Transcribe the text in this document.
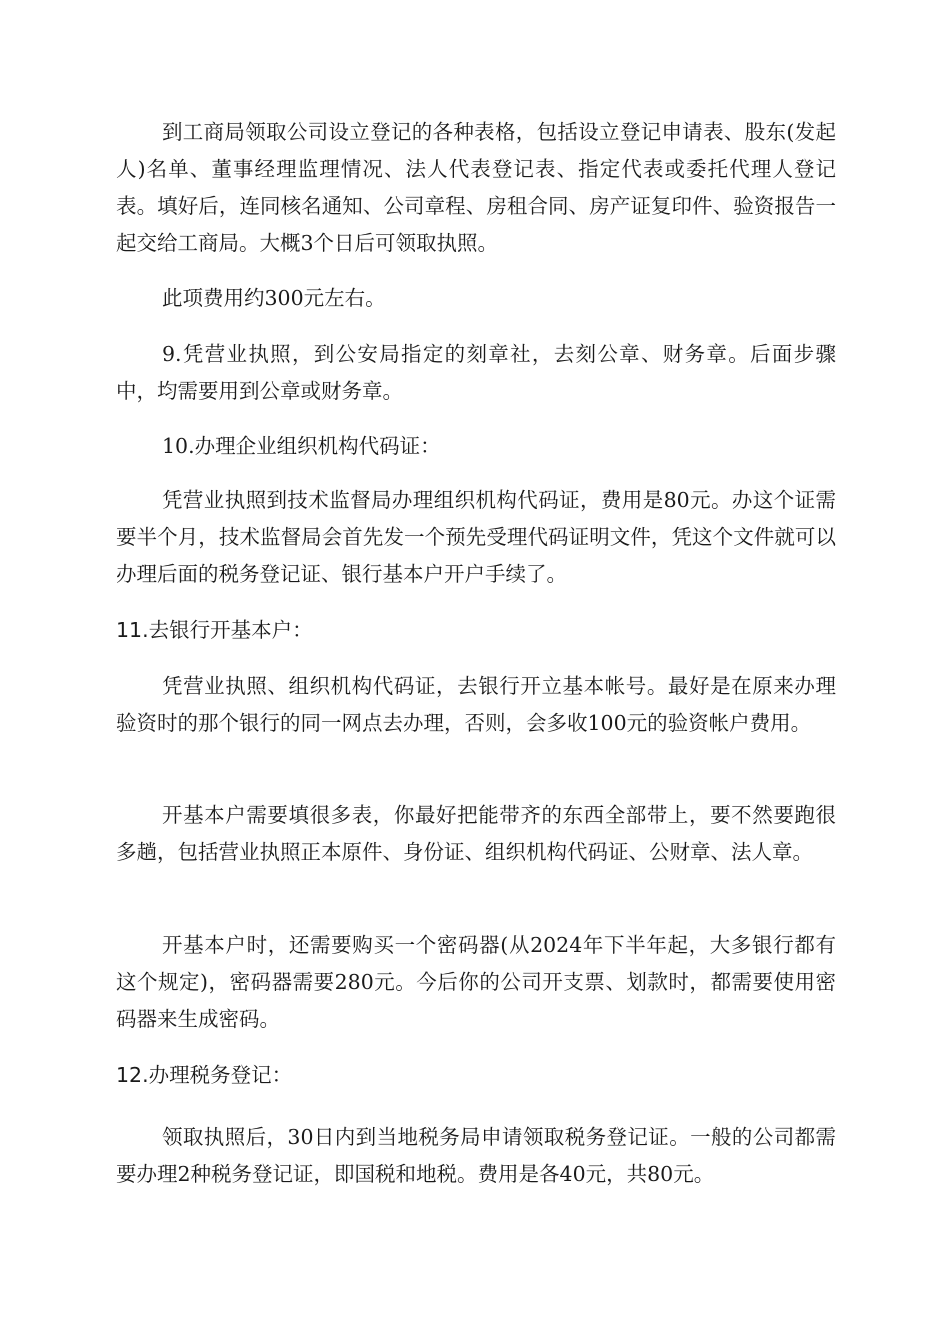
到工商局领取公司设立登记的各种表格，包括设立登记申请表、股东(发起人)名单、董事经理监理情况、法人代表登记表、指定代表或委托代理人登记表。填好后，连同核名通知、公司章程、房租合同、房产证复印件、验资报告一起交给工商局。大概3个日后可领取执照。

此项费用约300元左右。

9.凭营业执照，到公安局指定的刻章社，去刻公章、财务章。后面步骤中，均需要用到公章或财务章。

10.办理企业组织机构代码证：

凭营业执照到技术监督局办理组织机构代码证，费用是80元。办这个证需要半个月，技术监督局会首先发一个预先受理代码证明文件，凭这个文件就可以办理后面的税务登记证、银行基本户开户手续了。

11.去银行开基本户：

凭营业执照、组织机构代码证，去银行开立基本帐号。最好是在原来办理验资时的那个银行的同一网点去办理，否则，会多收100元的验资帐户费用。

开基本户需要填很多表，你最好把能带齐的东西全部带上，要不然要跑很多趟，包括营业执照正本原件、身份证、组织机构代码证、公财章、法人章。

开基本户时，还需要购买一个密码器(从2024年下半年起，大多银行都有这个规定)，密码器需要280元。今后你的公司开支票、划款时，都需要使用密码器来生成密码。

12.办理税务登记：

领取执照后，30日内到当地税务局申请领取税务登记证。一般的公司都需要办理2种税务登记证，即国税和地税。费用是各40元，共80元。
